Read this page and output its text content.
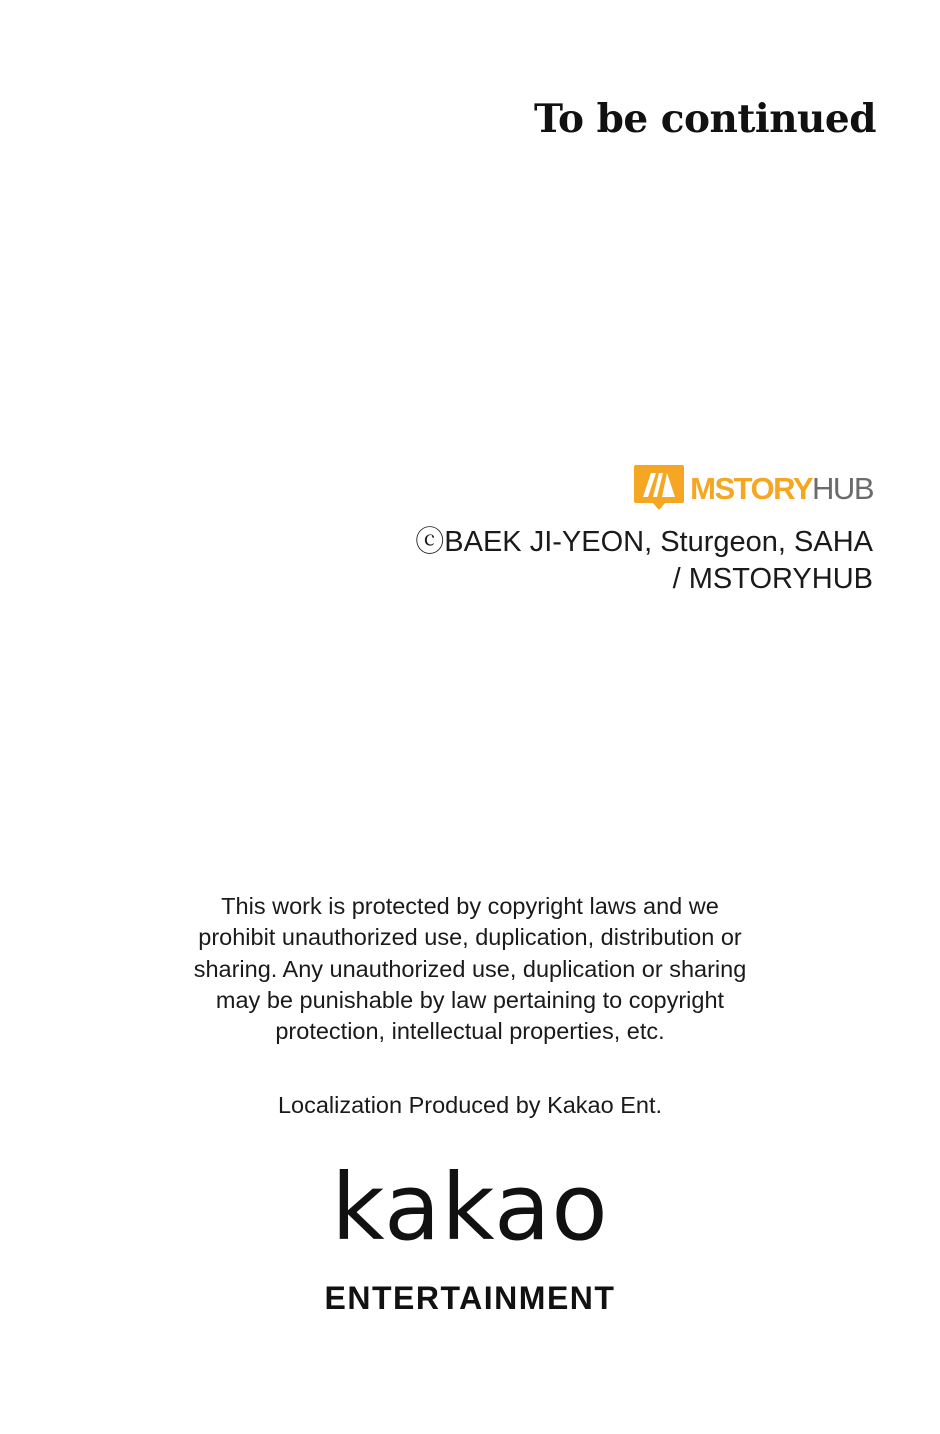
To be continued
MSTORYHUB
ⓒBAEK JI-YEON, Sturgeon, SAHA
/ MSTORYHUB
This work is protected by copyright laws and we
prohibit unauthorized use, duplication, distribution or
sharing. Any unauthorized use, duplication or sharing
may be punishable by law pertaining to copyright
protection, intellectual properties, etc.
Localization Produced by Kakao Ent.
kakao
ENTERTAINMENT
